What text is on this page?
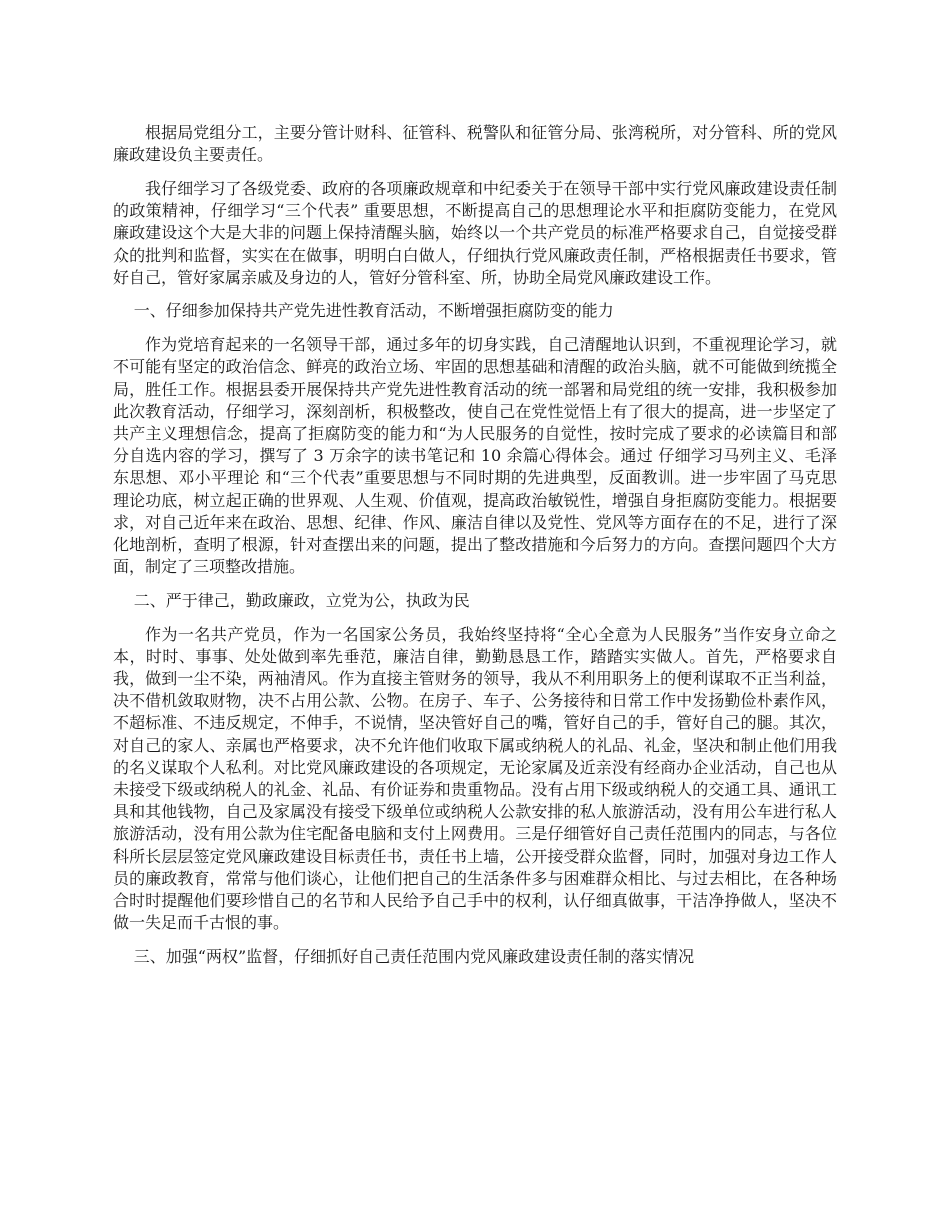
根据局党组分工，主要分管计财科、征管科、税警队和征管分局、张湾税所，对分管科、所的党风廉政建设负主要责任。

我仔细学习了各级党委、政府的各项廉政规章和中纪委关于在领导干部中实行党风廉政建设责任制的政策精神，仔细学习“三个代表” 重要思想，不断提高自己的思想理论水平和拒腐防变能力，在党风廉政建设这个大是大非的问题上保持清醒头脑，始终以一个共产党员的标准严格要求自己，自觉接受群众的批判和监督，实实在在做事，明明白白做人，仔细执行党风廉政责任制，严格根据责任书要求，管好自己，管好家属亲戚及身边的人，管好分管科室、所，协助全局党风廉政建设工作。

一、仔细参加保持共产党先进性教育活动，不断增强拒腐防变的能力

作为党培育起来的一名领导干部，通过多年的切身实践，自己清醒地认识到，不重视理论学习，就不可能有坚定的政治信念、鲜亮的政治立场、牢固的思想基础和清醒的政治头脑，就不可能做到统揽全局，胜任工作。根据县委开展保持共产党先进性教育活动的统一部署和局党组的统一安排，我积极参加此次教育活动，仔细学习，深刻剖析，积极整改，使自己在党性觉悟上有了很大的提高，进一步坚定了共产主义理想信念，提高了拒腐防变的能力和“为人民服务的自觉性，按时完成了要求的必读篇目和部分自选内容的学习，撰写了 3 万余字的读书笔记和 10 余篇心得体会。通过 仔细学习马列主义、毛泽东思想、邓小平理论 和“三个代表”重要思想与不同时期的先进典型，反面教训。进一步牢固了马克思理论功底，树立起正确的世界观、人生观、价值观，提高政治敏锐性，增强自身拒腐防变能力。根据要求，对自己近年来在政治、思想、纪律、作风、廉洁自律以及党性、党风等方面存在的不足，进行了深化地剖析，查明了根源，针对查摆出来的问题，提出了整改措施和今后努力的方向。查摆问题四个大方面，制定了三项整改措施。

二、严于律己，勤政廉政，立党为公，执政为民

作为一名共产党员，作为一名国家公务员，我始终坚持将“全心全意为人民服务”当作安身立命之本，时时、事事、处处做到率先垂范，廉洁自律，勤勤恳恳工作，踏踏实实做人。首先，严格要求自我，做到一尘不染，两袖清风。作为直接主管财务的领导，我从不利用职务上的便利谋取不正当利益，决不借机敛取财物，决不占用公款、公物。在房子、车子、公务接待和日常工作中发扬勤俭朴素作风，不超标准、不违反规定，不伸手，不说情，坚决管好自己的嘴，管好自己的手，管好自己的腿。其次，对自己的家人、亲属也严格要求，决不允许他们收取下属或纳税人的礼品、礼金，坚决和制止他们用我的名义谋取个人私利。对比党风廉政建设的各项规定，无论家属及近亲没有经商办企业活动，自己也从未接受下级或纳税人的礼金、礼品、有价证券和贵重物品。没有占用下级或纳税人的交通工具、通讯工具和其他钱物，自己及家属没有接受下级单位或纳税人公款安排的私人旅游活动，没有用公车进行私人旅游活动，没有用公款为住宅配备电脑和支付上网费用。三是仔细管好自己责任范围内的同志，与各位科所长层层签定党风廉政建设目标责任书，责任书上墙，公开接受群众监督，同时，加强对身边工作人员的廉政教育，常常与他们谈心，让他们把自己的生活条件多与困难群众相比、与过去相比，在各种场合时时提醒他们要珍惜自己的名节和人民给予自己手中的权利，认仔细真做事，干洁净挣做人，坚决不做一失足而千古恨的事。

三、加强“两权”监督，仔细抓好自己责任范围内党风廉政建设责任制的落实情况
